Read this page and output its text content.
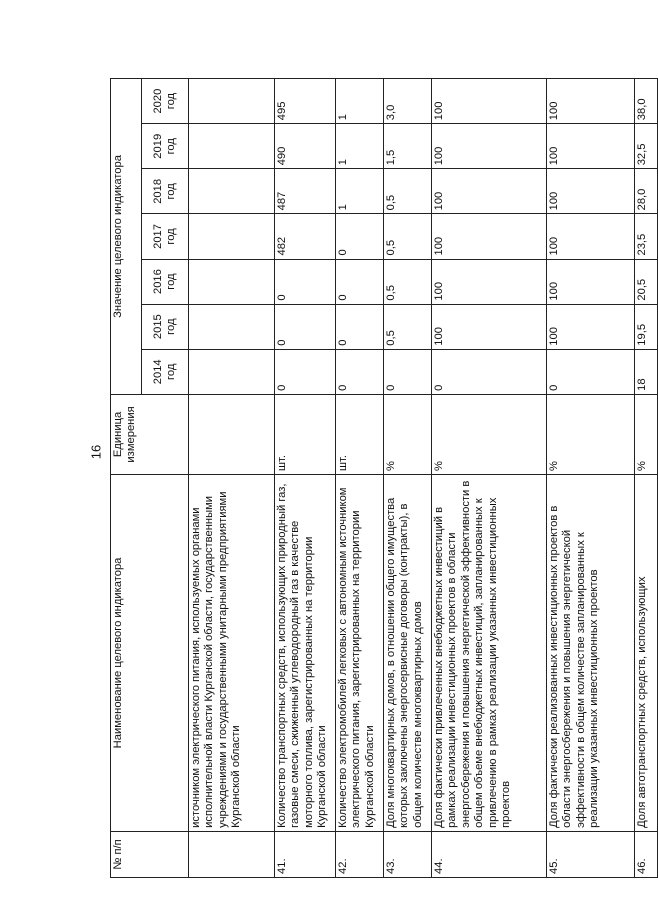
16
№ п/п	Наименование целевого индикатора	Единица измерения	Значение целевого индикатора						
			2014 год	2015 год	2016 год	2017 год	2018 год	2019 год	2020 год
	источником электрического питания, используемых органами исполнительной власти Курганской области, государственными учреждениями и государственными унитарными предприятиями Курганской области								
41.	Количество транспортных средств, использующих природный газ, газовые смеси, сжиженный углеводородный газ в качестве моторного топлива, зарегистрированных на территории Курганской области	шт.	0	0	0	482	487	490	495
42.	Количество электромобилей легковых с автономным источником электрического питания, зарегистрированных на территории Курганской области	шт.	0	0	0	0	1	1	1
43.	Доля многоквартирных домов, в отношении общего имущества которых заключены энергосервисные договоры (контракты), в общем количестве многоквартирных домов	%	0	0,5	0,5	0,5	0,5	1,5	3,0
44.	Доля фактически привлеченных внебюджетных инвестиций в рамках реализации инвестиционных проектов в области энергосбережения и повышения энергетической эффективности в общем объеме внебюджетных инвестиций, запланированных к привлечению в рамках реализации указанных инвестиционных проектов	%	0	100	100	100	100	100	100
45.	Доля фактически реализованных инвестиционных проектов в области энергосбережения и повышения энергетической эффективности в общем количестве запланированных к реализации указанных инвестиционных проектов	%	0	100	100	100	100	100	100
46.	Доля автотранспортных средств, использующих	%	18	19,5	20,5	23,5	28,0	32,5	38,0
